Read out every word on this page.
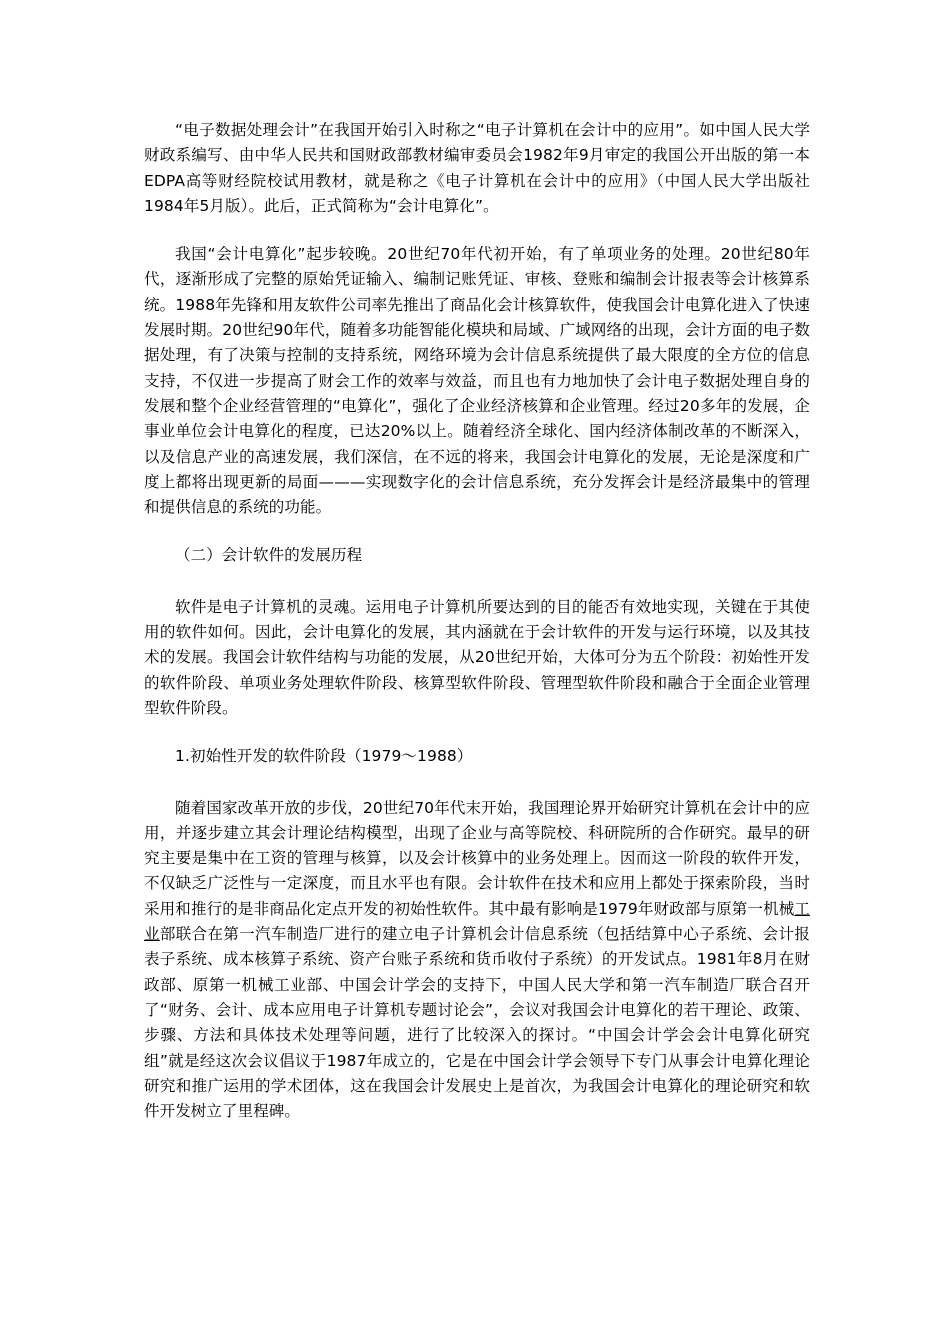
“电子数据处理会计”在我国开始引入时称之“电子计算机在会计中的应用”。如中国人民大学财政系编写、由中华人民共和国财政部教材编审委员会1982年9月审定的我国公开出版的第一本EDPA高等财经院校试用教材，就是称之《电子计算机在会计中的应用》（中国人民大学出版社1984年5月版）。此后，正式简称为“会计电算化”。

我国“会计电算化”起步较晚。20世纪70年代初开始，有了单项业务的处理。20世纪80年代，逐渐形成了完整的原始凭证输入、编制记账凭证、审核、登账和编制会计报表等会计核算系统。1988年先锋和用友软件公司率先推出了商品化会计核算软件，使我国会计电算化进入了快速发展时期。20世纪90年代，随着多功能智能化模块和局域、广域网络的出现，会计方面的电子数据处理，有了决策与控制的支持系统，网络环境为会计信息系统提供了最大限度的全方位的信息支持，不仅进一步提高了财会工作的效率与效益，而且也有力地加快了会计电子数据处理自身的发展和整个企业经营管理的“电算化”，强化了企业经济核算和企业管理。经过20多年的发展，企事业单位会计电算化的程度，已达20%以上。随着经济全球化、国内经济体制改革的不断深入，以及信息产业的高速发展，我们深信，在不远的将来，我国会计电算化的发展，无论是深度和广度上都将出现更新的局面———实现数字化的会计信息系统，充分发挥会计是经济最集中的管理和提供信息的系统的功能。

（二）会计软件的发展历程

软件是电子计算机的灵魂。运用电子计算机所要达到的目的能否有效地实现，关键在于其使用的软件如何。因此，会计电算化的发展，其内涵就在于会计软件的开发与运行环境，以及其技术的发展。我国会计软件结构与功能的发展，从20世纪开始，大体可分为五个阶段：初始性开发的软件阶段、单项业务处理软件阶段、核算型软件阶段、管理型软件阶段和融合于全面企业管理型软件阶段。

1.初始性开发的软件阶段（1979～1988）

随着国家改革开放的步伐，20世纪70年代末开始，我国理论界开始研究计算机在会计中的应用，并逐步建立其会计理论结构模型，出现了企业与高等院校、科研院所的合作研究。最早的研究主要是集中在工资的管理与核算，以及会计核算中的业务处理上。因而这一阶段的软件开发，不仅缺乏广泛性与一定深度，而且水平也有限。会计软件在技术和应用上都处于探索阶段，当时采用和推行的是非商品化定点开发的初始性软件。其中最有影响是1979年财政部与原第一机械工业部联合在第一汽车制造厂进行的建立电子计算机会计信息系统（包括结算中心子系统、会计报表子系统、成本核算子系统、资产台账子系统和货币收付子系统）的开发试点。1981年8月在财政部、原第一机械工业部、中国会计学会的支持下，中国人民大学和第一汽车制造厂联合召开了“财务、会计、成本应用电子计算机专题讨论会”，会议对我国会计电算化的若干理论、政策、步骤、方法和具体技术处理等问题，进行了比较深入的探讨。“中国会计学会会计电算化研究组”就是经这次会议倡议于1987年成立的，它是在中国会计学会领导下专门从事会计电算化理论研究和推广运用的学术团体，这在我国会计发展史上是首次，为我国会计电算化的理论研究和软件开发树立了里程碑。
